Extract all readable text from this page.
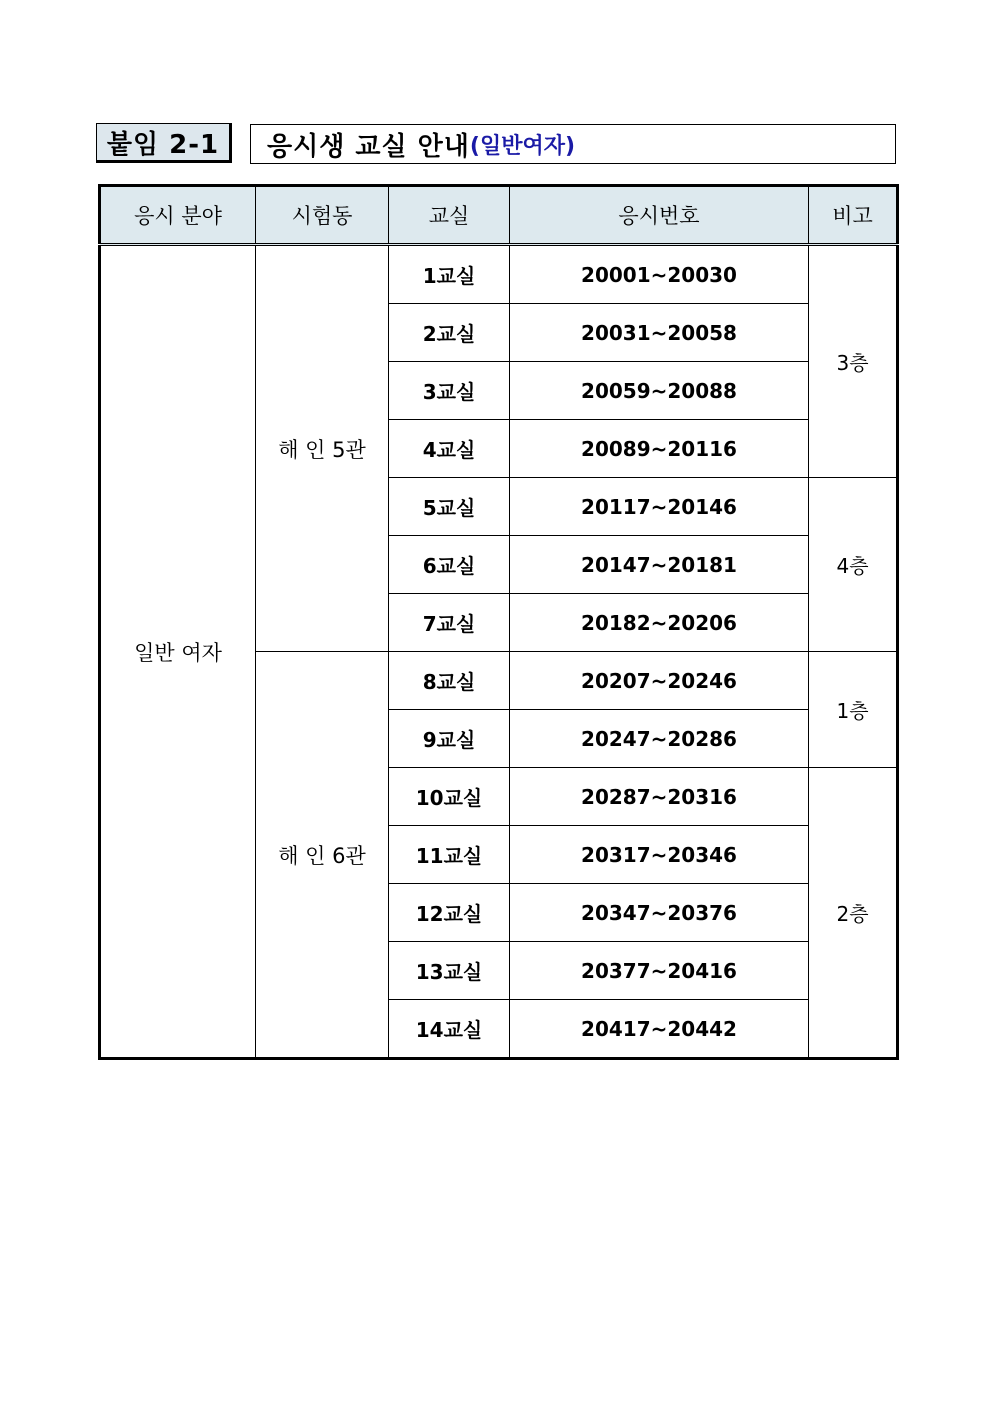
붙임 2-1	응시생 교실 안내 (일반여자)
응시 분야	시험동	교실	응시번호	비고
일반 여자	해 인 5관	1교실	20001~20030	3층
		2교실	20031~20058	
		3교실	20059~20088	
		4교실	20089~20116	
		5교실	20117~20146	4층
		6교실	20147~20181	
		7교실	20182~20206	
	해 인 6관	8교실	20207~20246	1층
		9교실	20247~20286	
		10교실	20287~20316	2층
		11교실	20317~20346	
		12교실	20347~20376	
		13교실	20377~20416	
		14교실	20417~20442	
